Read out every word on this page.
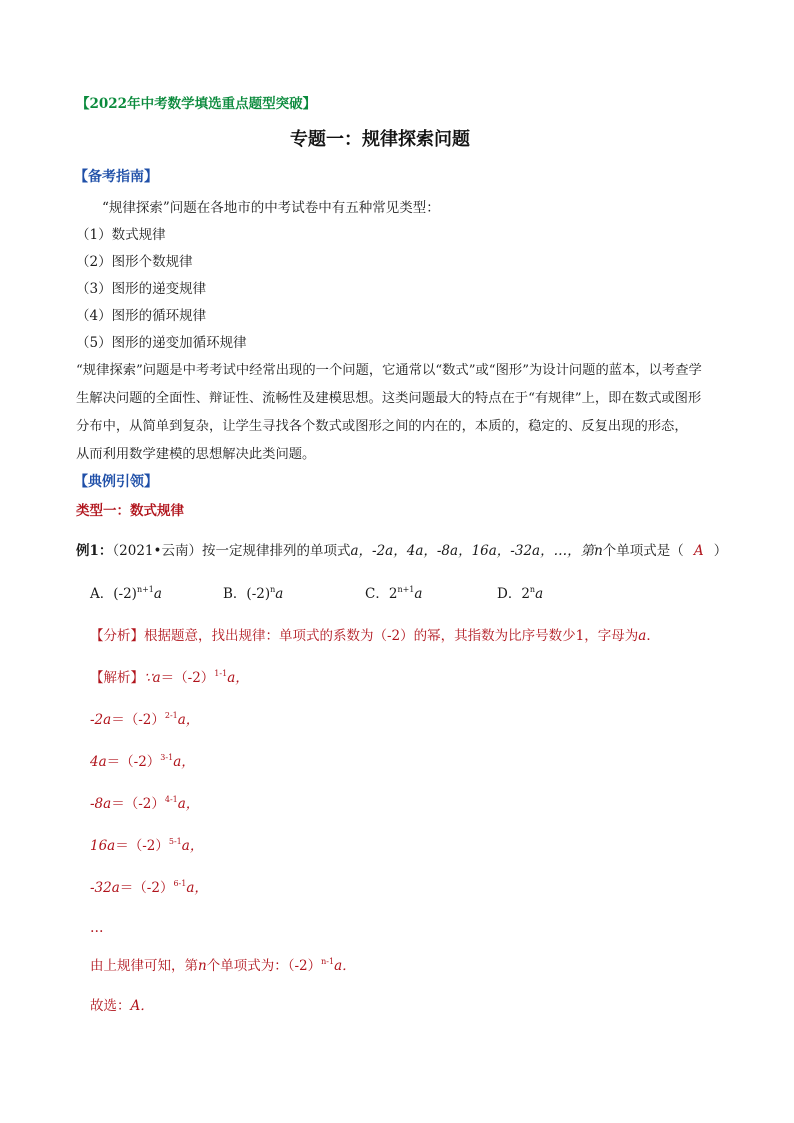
【2022年中考数学填选重点题型突破】
专题一：规律探索问题
【备考指南】
“规律探索”问题在各地市的中考试卷中有五种常见类型：
（1）数式规律
（2）图形个数规律
（3）图形的递变规律
（4）图形的循环规律
（5）图形的递变加循环规律
“规律探索”问题是中考考试中经常出现的一个问题，它通常以“数式”或“图形”为设计问题的蓝本，以考查学
生解决问题的全面性、辩证性、流畅性及建模思想。这类问题最大的特点在于“有规律”上，即在数式或图形
分布中，从简单到复杂，让学生寻找各个数式或图形之间的内在的，本质的，稳定的、反复出现的形态，
从而利用数学建模的思想解决此类问题。
【典例引领】
类型一：数式规律
例1：（2021•云南）按一定规律排列的单项式a，-2a，4a，-8a，16a，-32a，…，第n个单项式是（ A ）
A．$(-2)^{n+1}a$	B．$(-2)^na$	C．$2^{n+1}a$	D．2$^n$a
【分析】根据题意，找出规律：单项式的系数为（-2）的幂，其指数为比序号数少1，字母为a．
【解析】$\because a=(-2)^{1-1}a$，
$-2a=(-2)^{2-1}a$，
$4a=(-2)^{3-1}a$，
$-8a=(-2)^{4-1}a$，
$16a=(-2)^{5-1}a$，
$-32a=(-2)^{6-1}a$，
…
由上规律可知，第n个单项式为：$(-2)^{n-1}a$．
故选：A．
